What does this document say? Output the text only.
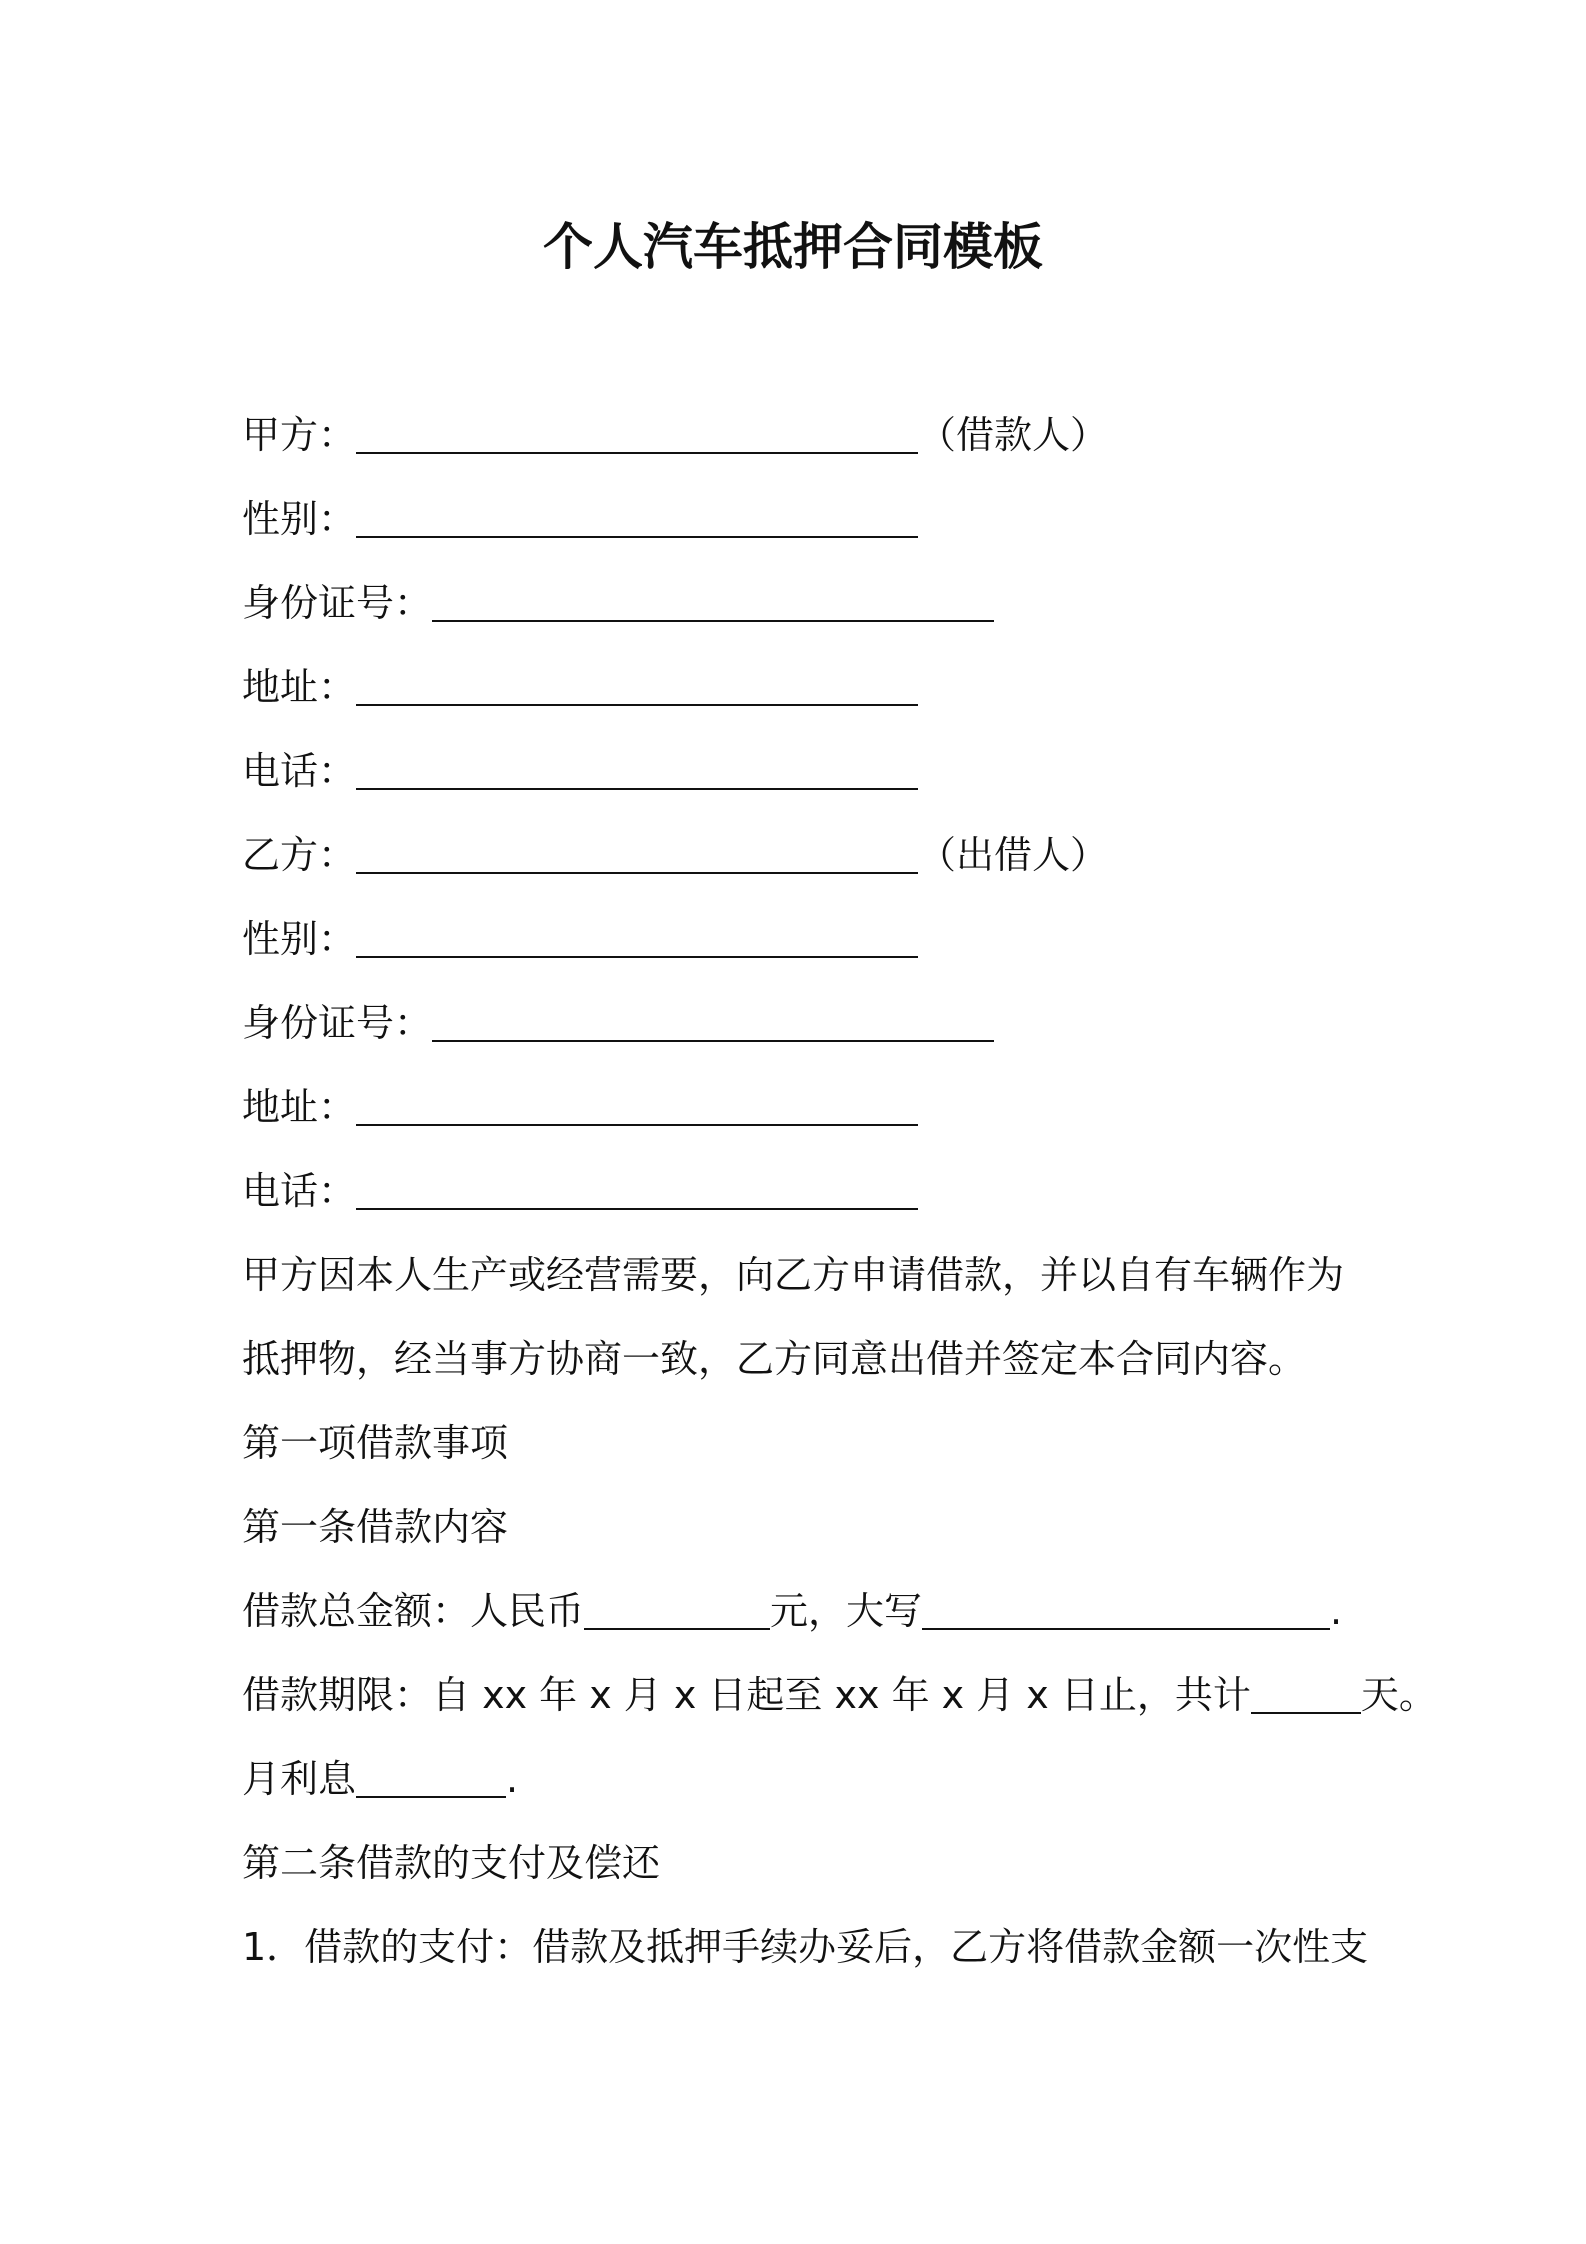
个人汽车抵押合同模板
甲方：	（借款人）
性别：
身份证号：
地址：
电话：
乙方：	（出借人）
性别：
身份证号：
地址：
电话：
甲方因本人生产或经营需要，向乙方申请借款，并以自有车辆作为抵押物，经当事方协商一致，乙方同意出借并签定本合同内容。
第一项借款事项
第一条借款内容
借款总金额：人民币	元，大写	.
借款期限：自 xx 年 x 月 x 日起至 xx 年 x 月 x 日止，共计	天。
月利息	.
第二条借款的支付及偿还
1．借款的支付：借款及抵押手续办妥后，乙方将借款金额一次性支
